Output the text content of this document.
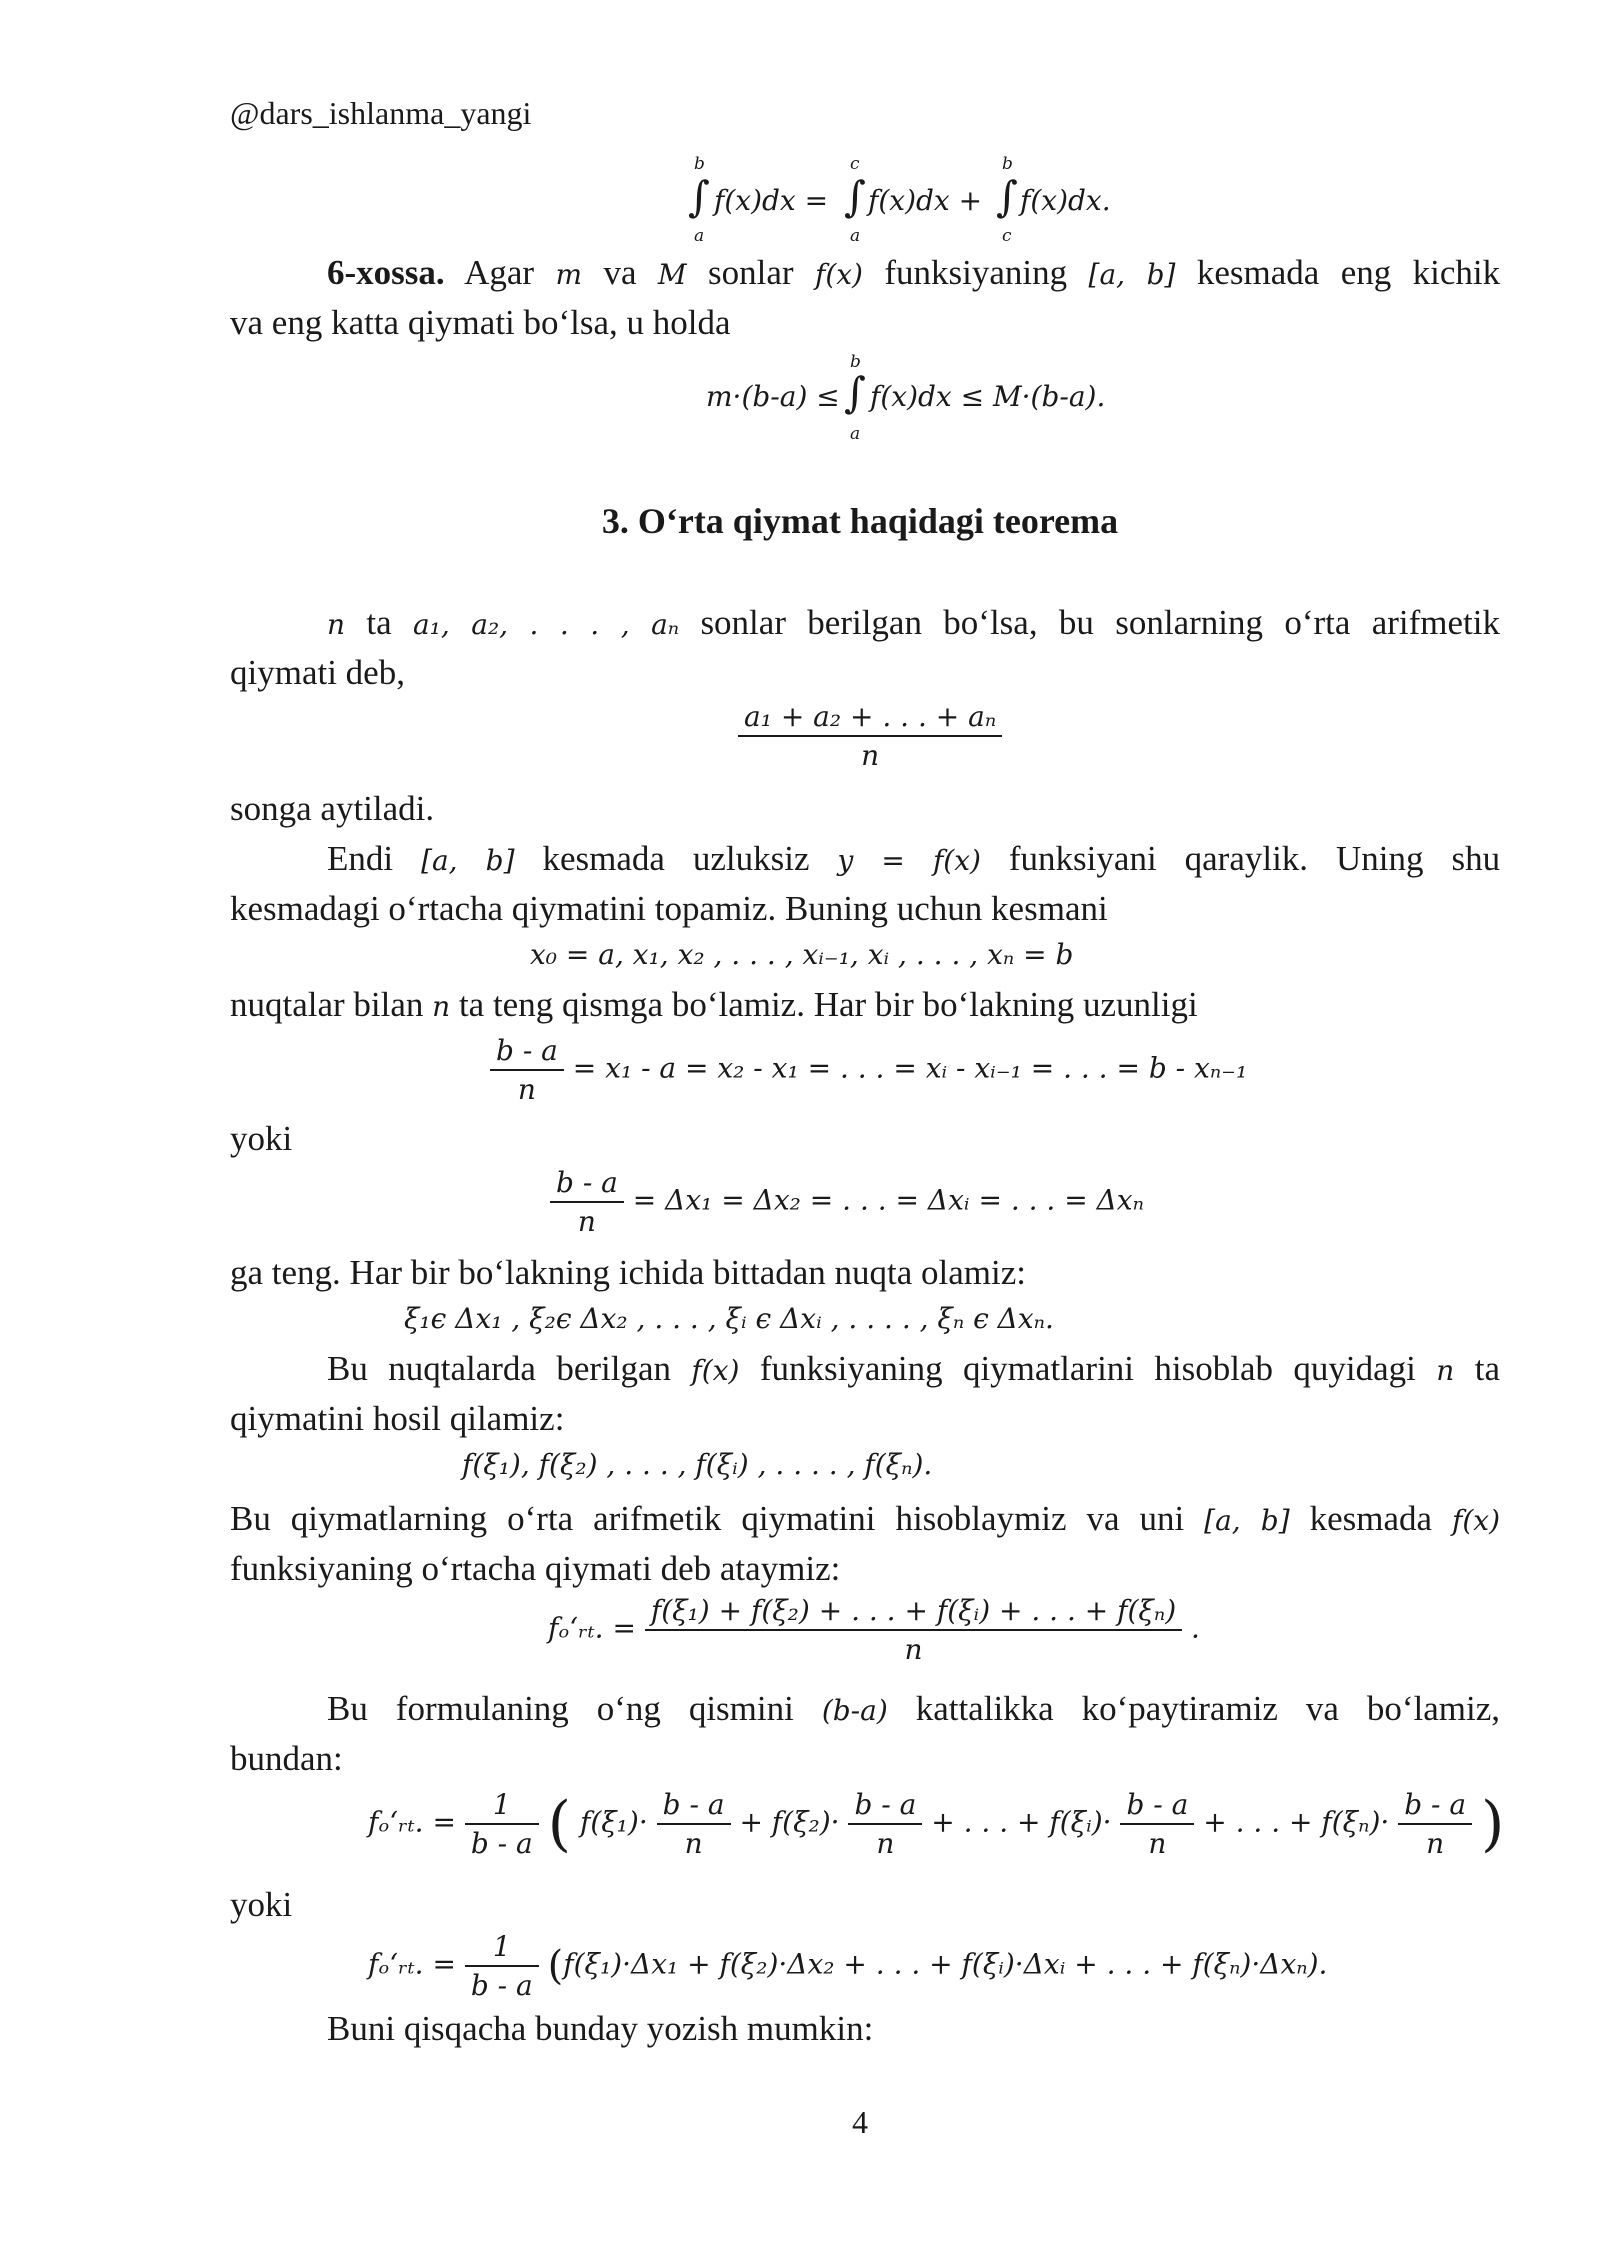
@dars_ishlanma_yangi
b
∫
a
f(x)dx =
c
∫
a
f(x)dx +
b
∫
c
f(x)dx.
6-xossa. Agar m va M sonlar f(x) funksiyaning [a, b] kesmada eng kichik
va eng katta qiymati bo‘lsa, u holda
m·(b-a) ≤
b
∫
a
f(x)dx ≤ M·(b-a).
3. O‘rta qiymat haqidagi teorema
n ta a₁, a₂, . . . , aₙ sonlar berilgan bo‘lsa, bu sonlarning o‘rta arifmetik
qiymati deb,
$\frac{\text{a₁ + a₂ + . . . + aₙ}}{n}$
songa aytiladi.
Endi [a, b] kesmada uzluksiz y = f(x) funksiyani qaraylik. Uning shu
kesmadagi o‘rtacha qiymatini topamiz. Buning uchun kesmani
x₀ = a, x₁, x₂ , . . . , xᵢ₋₁, xᵢ , . . . , xₙ = b
nuqtalar bilan n ta teng qismga bo‘lamiz. Har bir bo‘lakning uzunligi
$\frac{b - a}{n} = x_1 - a = x_2 - x_1$ = . . . = xᵢ - xᵢ₋₁ = . . . = b - xₙ₋₁
yoki
$\frac{b - a}{n} = \Delta x_1 = \Delta x_2$ = . . . = Δxᵢ = . . . = Δxₙ
ga teng. Har bir bo‘lakning ichida bittadan nuqta olamiz:
ξ₁ϵ Δx₁ , ξ₂ϵ Δx₂ , . . . , ξᵢ ϵ Δxᵢ , . . . . , ξₙ ϵ Δxₙ.
Bu nuqtalarda berilgan f(x) funksiyaning qiymatlarini hisoblab quyidagi n ta
qiymatini hosil qilamiz:
f(ξ₁), f(ξ₂) , . . . , f(ξᵢ) , . . . . , f(ξₙ).
Bu qiymatlarning o‘rta arifmetik qiymatini hisoblaymiz va uni [a, b] kesmada f(x)
funksiyaning o‘rtacha qiymati deb ataymiz:
fₒ‘ᵣₜ. = $\frac{\text{f(ξ₁) + f(ξ₂) + . . . + f(ξᵢ) + . . . + f(ξₙ)}}{n}$ .
Bu formulaning o‘ng qismini (b-a) kattalikka ko‘paytiramiz va bo‘lamiz,
bundan:
fₒ‘ᵣₜ. = $\frac{1}{b - a}$ ( $f(\xi_1)\cdot \frac{b - a}{n} + f(\xi_2)\cdot \frac{b - a}{n}$ + . . . + f(ξᵢ)· $\frac{b - a}{n}$ + . . . + $f(\xi_n)\cdot \frac{b - a}{n}$ )
yoki
fₒ‘ᵣₜ. = $\frac{1}{b - a} (f(\xi_1)\cdot\Delta x_1 + f(\xi_2)\cdot\Delta x_2$ + . . . + f(ξᵢ)·Δxᵢ + . . . + f(ξₙ)·Δxₙ).
Buni qisqacha bunday yozish mumkin:
4
